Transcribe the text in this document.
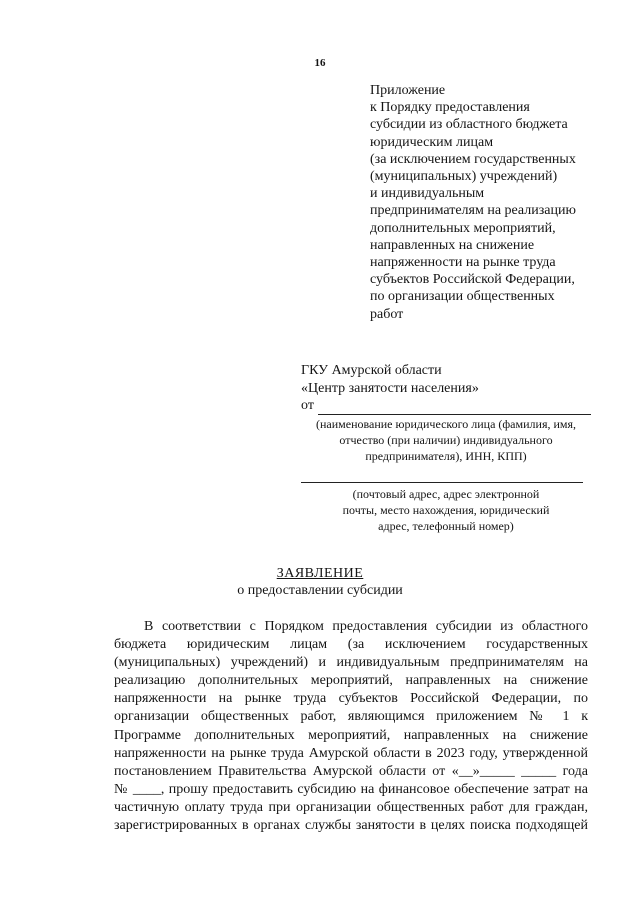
16
Приложение
к Порядку предоставления
субсидии из областного бюджета
юридическим лицам
(за исключением государственных
(муниципальных) учреждений)
и индивидуальным
предпринимателям на реализацию
дополнительных мероприятий,
направленных на снижение
напряженности на рынке труда
субъектов Российской Федерации,
по организации общественных
работ
ГКУ Амурской области
«Центр занятости населения»
от
(наименование юридического лица (фамилия, имя,
отчество (при наличии) индивидуального
предпринимателя), ИНН, КПП)
(почтовый адрес, адрес электронной
почты, место нахождения, юридический
адрес, телефонный номер)
ЗАЯВЛЕНИЕ
о предоставлении субсидии
В соответствии с Порядком предоставления субсидии из областного
бюджета юридическим лицам (за исключением государственных
(муниципальных) учреждений) и индивидуальным предпринимателям на
реализацию дополнительных мероприятий, направленных на снижение
напряженности на рынке труда субъектов Российской Федерации, по
организации общественных работ, являющимся приложением № 1 к
Программе дополнительных мероприятий, направленных на снижение
напряженности на рынке труда Амурской области в 2023 году, утвержденной
постановлением Правительства Амурской области от «__»_____ _____ года
№ ____, прошу предоставить субсидию на финансовое обеспечение затрат на
частичную оплату труда при организации общественных работ для граждан,
зарегистрированных в органах службы занятости в целях поиска подходящей
